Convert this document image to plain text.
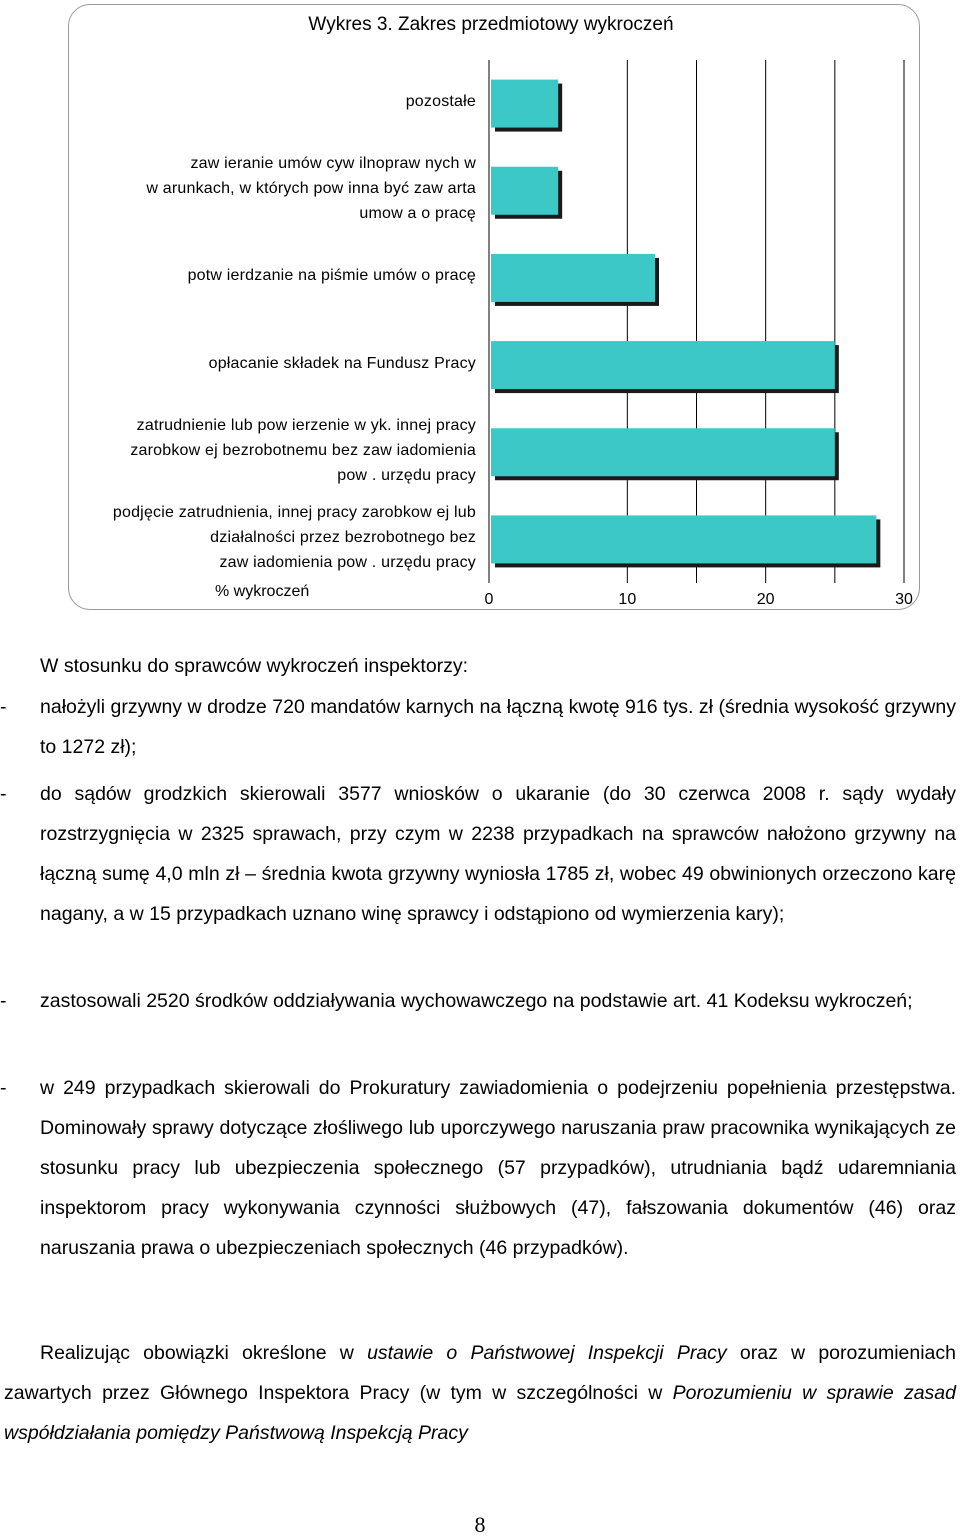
0	10	20	30
Wykres 3. Zakres przedmiotowy wykroczeń
pozostałe
zaw ieranie umów cyw ilnopraw nych w
w arunkach, w których pow inna być zaw arta
umow a o pracę
potw ierdzanie na piśmie umów o pracę
opłacanie składek na Fundusz Pracy
zatrudnienie lub pow ierzenie w yk. innej pracy
zarobkow ej bezrobotnemu bez zaw iadomienia
pow . urzędu pracy
podjęcie zatrudnienia, innej pracy zarobkow ej lub
działalności przez bezrobotnego bez
zaw iadomienia pow . urzędu pracy
% wykroczeń
W stosunku do sprawców wykroczeń inspektorzy:
- nałożyli grzywny w drodze 720 mandatów karnych na łączną kwotę 916 tys. zł (średnia wysokość grzywny to 1272 zł);
- do sądów grodzkich skierowali 3577 wniosków o ukaranie (do 30 czerwca 2008 r. sądy wydały rozstrzygnięcia w 2325 sprawach, przy czym w 2238 przypadkach na sprawców nałożono grzywny na łączną sumę 4,0 mln zł – średnia kwota grzywny wyniosła 1785 zł, wobec 49 obwinionych orzeczono karę nagany, a w 15 przypadkach uznano winę sprawcy i odstąpiono od wymierzenia kary);
- zastosowali 2520 środków oddziaływania wychowawczego na podstawie art. 41 Kodeksu wykroczeń;
- w 249 przypadkach skierowali do Prokuratury zawiadomienia o podejrzeniu popełnienia przestępstwa. Dominowały sprawy dotyczące złośliwego lub uporczywego naruszania praw pracownika wynikających ze stosunku pracy lub ubezpieczenia społecznego (57 przypadków), utrudniania bądź udaremniania inspektorom pracy wykonywania czynności służbowych (47), fałszowania dokumentów (46) oraz naruszania prawa o ubezpieczeniach społecznych (46 przypadków).
Realizując obowiązki określone w ustawie o Państwowej Inspekcji Pracy oraz w porozumieniach zawartych przez Głównego Inspektora Pracy (w tym w szczególności w Porozumieniu w sprawie zasad współdziałania pomiędzy Państwową Inspekcją Pracy
8
